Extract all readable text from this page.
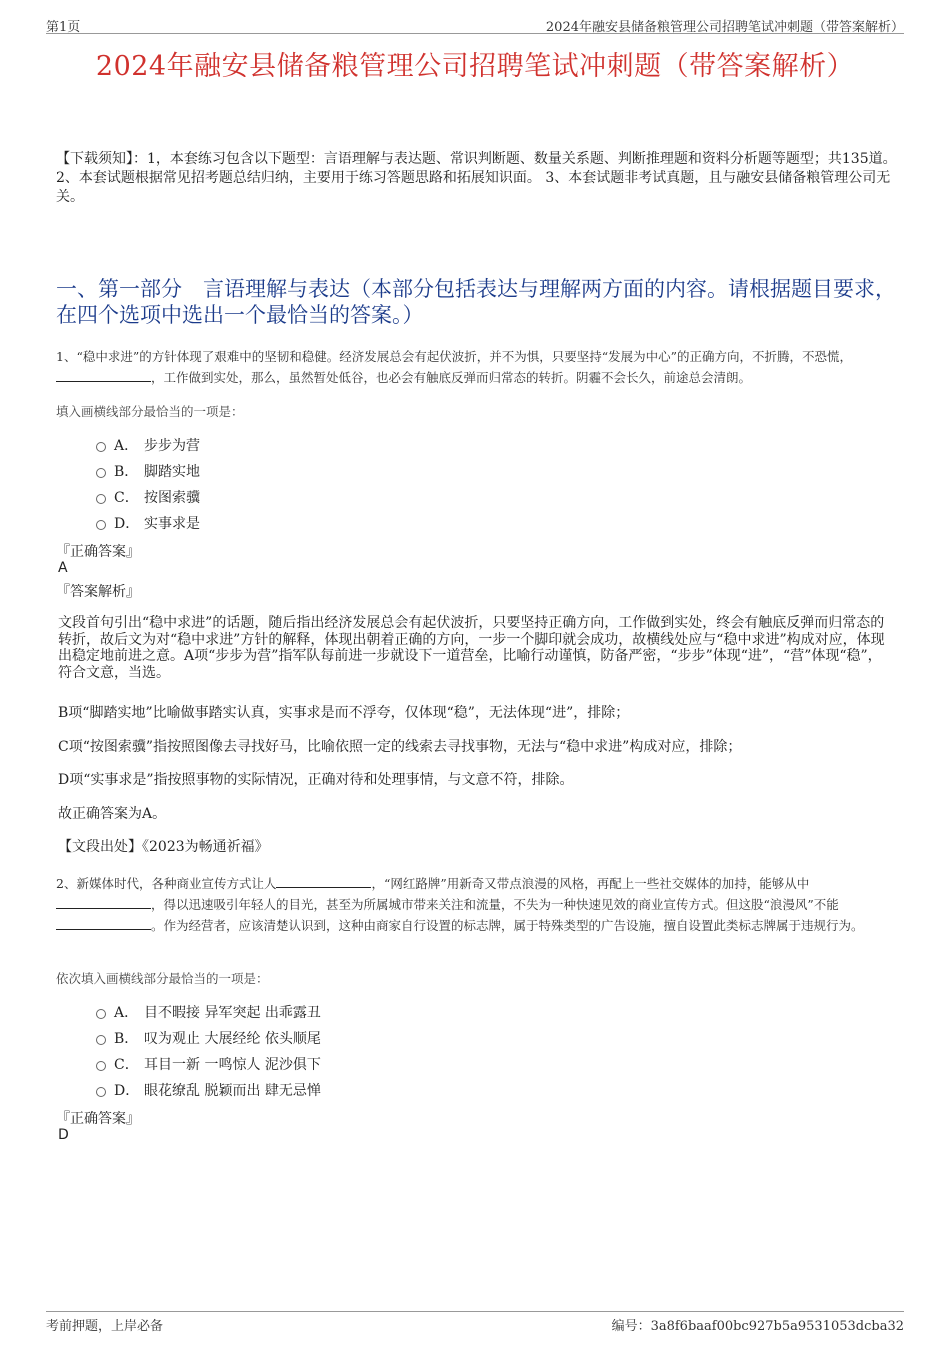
第1页	2024年融安县储备粮管理公司招聘笔试冲刺题（带答案解析）
2024年融安县储备粮管理公司招聘笔试冲刺题（带答案解析）

【下载须知】：1，本套练习包含以下题型：言语理解与表达题、常识判断题、数量关系题、判断推理题和资料分析题等题型；共135道。 2、本套试题根据常见招考题总结归纳，主要用于练习答题思路和拓展知识面。 3、本套试题非考试真题，且与融安县储备粮管理公司无关。

一、第一部分　言语理解与表达（本部分包括表达与理解两方面的内容。请根据题目要求，在四个选项中选出一个最恰当的答案。）
1、“稳中求进”的方针体现了艰难中的坚韧和稳健。经济发展总会有起伏波折，并不为惧，只要坚持“发展为中心”的正确方向，不折腾，不恐慌，，工作做到实处，那么，虽然暂处低谷，也必会有触底反弹而归常态的转折。阴霾不会长久，前途总会清朗。
填入画横线部分最恰当的一项是：
A． 步步为营
B． 脚踏实地
C． 按图索骥
D． 实事求是
『正确答案』
A
『答案解析』

文段首句引出“稳中求进”的话题，随后指出经济发展总会有起伏波折，只要坚持正确方向，工作做到实处，终会有触底反弹而归常态的转折，故后文为对“稳中求进”方针的解释，体现出朝着正确的方向，一步一个脚印就会成功，故横线处应与“稳中求进”构成对应，体现出稳定地前进之意。A项“步步为营”指军队每前进一步就设下一道营垒，比喻行动谨慎，防备严密，“步步”体现“进”，“营”体现“稳”，符合文意，当选。

B项“脚踏实地”比喻做事踏实认真，实事求是而不浮夸，仅体现“稳”，无法体现“进”，排除；

C项“按图索骥”指按照图像去寻找好马，比喻依照一定的线索去寻找事物，无法与“稳中求进”构成对应，排除；

D项“实事求是”指按照事物的实际情况，正确对待和处理事情，与文意不符，排除。

故正确答案为A。

【文段出处】《2023为畅通祈福》

2、新媒体时代，各种商业宣传方式让人	，“网红路牌”用新奇又带点浪漫的风格，再配上一些社交媒体的加持，能够从中，得以迅速吸引年轻人的目光，甚至为所属城市带来关注和流量，不失为一种快速见效的商业宣传方式。但这股“浪漫风”不能。作为经营者，应该清楚认识到，这种由商家自行设置的标志牌，属于特殊类型的广告设施，擅自设置此类标志牌属于违规行为。
依次填入画横线部分最恰当的一项是：
A． 目不暇接 异军突起 出乖露丑
B． 叹为观止 大展经纶 依头顺尾
C． 耳目一新 一鸣惊人 泥沙俱下
D． 眼花缭乱 脱颖而出 肆无忌惮
『正确答案』
D
考前押题，上岸必备	编号：3a8f6baaf00bc927b5a9531053dcba32
